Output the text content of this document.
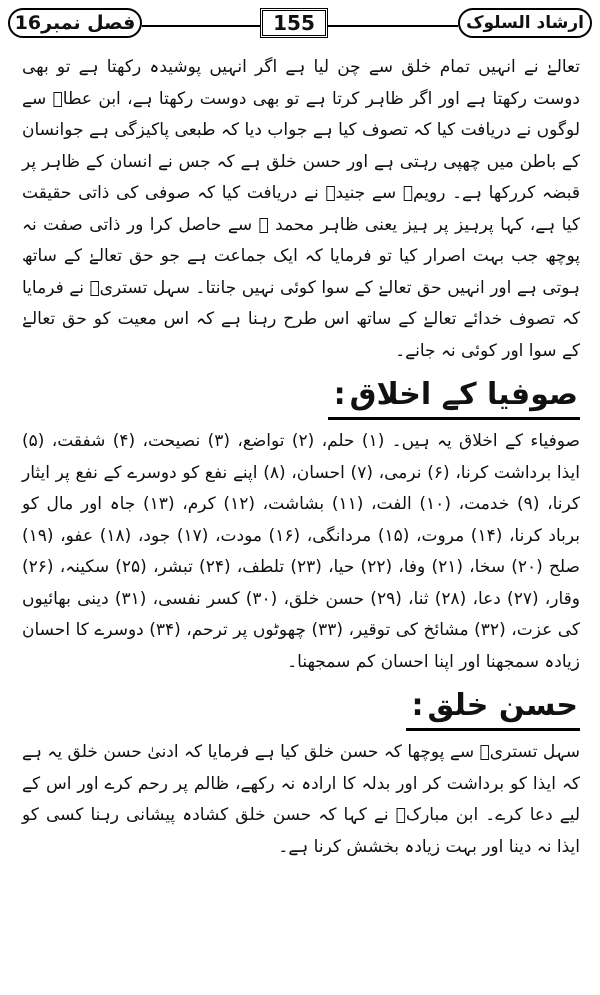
فصل نمبر16	155	ارشاد السلوک

تعالےٰ نے انہیں تمام خلق سے چن لیا ہے اگر انہیں پوشیدہ رکھتا ہے تو بھی دوست رکھتا ہے اور اگر ظاہر کرتا ہے تو بھی دوست رکھتا ہے، ابن عطاؒ سے لوگوں نے دریافت کیا کہ تصوف کیا ہے جواب دیا کہ طبعی پاکیزگی ہے جوانسان کے باطن میں چھپی رہتی ہے اور حسن خلق ہے کہ جس نے انسان کے ظاہر پر قبضہ کررکھا ہے۔ رویمؒ سے جنیدؒ نے دریافت کیا کہ صوفی کی ذاتی حقیقت کیا ہے، کہا پرہیز پر ہیز یعنی ظاہر محمد ﷺ سے حاصل کرا ور ذاتی صفت نہ پوچھ جب بہت اصرار کیا تو فرمایا کہ ایک جماعت ہے جو حق تعالےٰ کے ساتھ ہوتی ہے اور انہیں حق تعالےٰ کے سوا کوئی نہیں جانتا۔ سہل تستریؒ نے فرمایا کہ تصوف خدائے تعالےٰ کے ساتھ اس طرح رہنا ہے کہ اس معیت کو حق تعالےٰ کے سوا اور کوئی نہ جانے۔

صوفیا کے اخلاق :

صوفیاء کے اخلاق یہ ہیں۔ (۱) حلم، (۲) تواضع، (۳) نصیحت، (۴) شفقت، (۵) ایذا برداشت کرنا، (۶) نرمی، (۷) احسان، (۸) اپنے نفع کو دوسرے کے نفع پر ایثار کرنا، (۹) خدمت، (۱۰) الفت، (۱۱) بشاشت، (۱۲) کرم، (۱۳) جاہ اور مال کو برباد کرنا، (۱۴) مروت، (۱۵) مردانگی، (۱۶) مودت، (۱۷) جود، (۱۸) عفو، (۱۹) صلح (۲۰) سخا، (۲۱) وفا، (۲۲) حیا، (۲۳) تلطف، (۲۴) تبشر، (۲۵) سکینہ، (۲۶) وقار، (۲۷) دعا، (۲۸) ثنا، (۲۹) حسن خلق، (۳۰) کسر نفسی، (۳۱) دینی بھائیوں کی عزت، (۳۲) مشائخ کی توقیر، (۳۳) چھوٹوں پر ترحم، (۳۴) دوسرے کا احسان زیادہ سمجھنا اور اپنا احسان کم سمجھنا۔

حسن خلق :

سہل تستریؒ سے پوچھا کہ حسن خلق کیا ہے فرمایا کہ ادنیٰ حسن خلق یہ ہے کہ ایذا کو برداشت کر اور بدلہ کا ارادہ نہ رکھے، ظالم پر رحم کرے اور اس کے لیے دعا کرے۔ ابن مبارکؒ نے کہا کہ حسن خلق کشادہ پیشانی رہنا کسی کو ایذا نہ دینا اور بہت زیادہ بخشش کرنا ہے۔
